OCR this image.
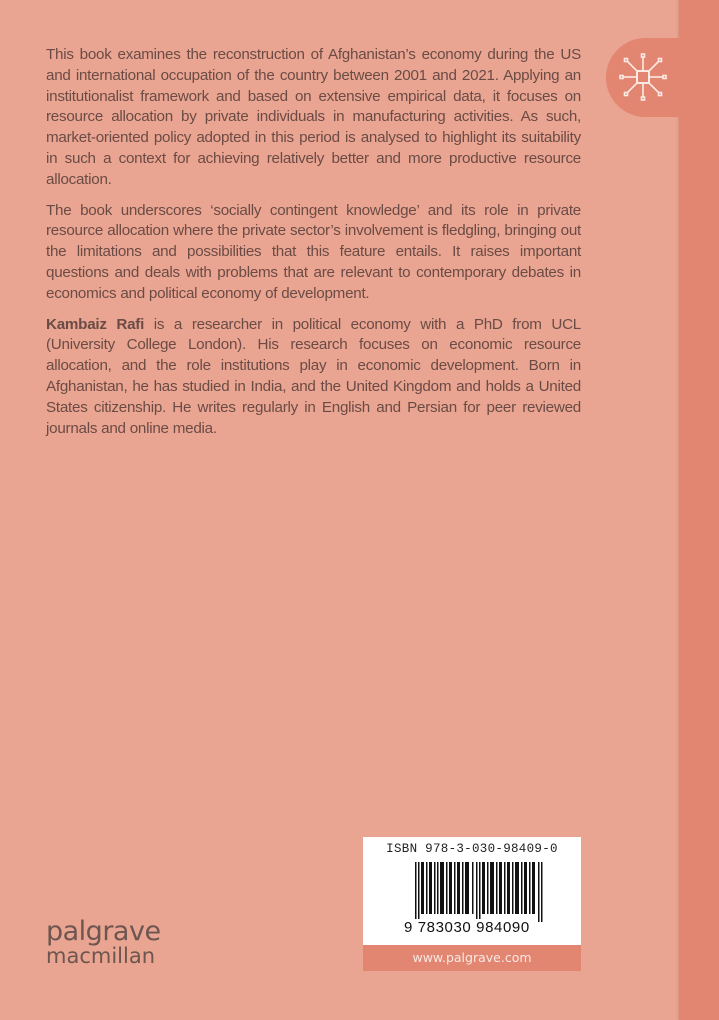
This book examines the reconstruction of Afghanistan’s economy during the US and international occupation of the country between 2001 and 2021. Applying an institutionalist framework and based on extensive empirical data, it focuses on resource allocation by private individuals in manufacturing activities. As such, market-oriented policy adopted in this period is analysed to highlight its suitability in such a context for achieving relatively better and more productive resource allocation.

The book underscores ‘socially contingent knowledge’ and its role in private resource allocation where the private sector’s involvement is fledgling, bringing out the limitations and possibilities that this feature entails. It raises important questions and deals with problems that are relevant to contemporary debates in economics and political economy of development.

Kambaiz Rafi is a researcher in political economy with a PhD from UCL (University College London). His research focuses on economic resource allocation, and the role institutions play in economic development. Born in Afghanistan, he has studied in India, and the United Kingdom and holds a United States citizenship. He writes regularly in English and Persian for peer reviewed journals and online media.

palgrave
macmillan
ISBN 978-3-030-98409-0
9 783030 984090
www.palgrave.com
